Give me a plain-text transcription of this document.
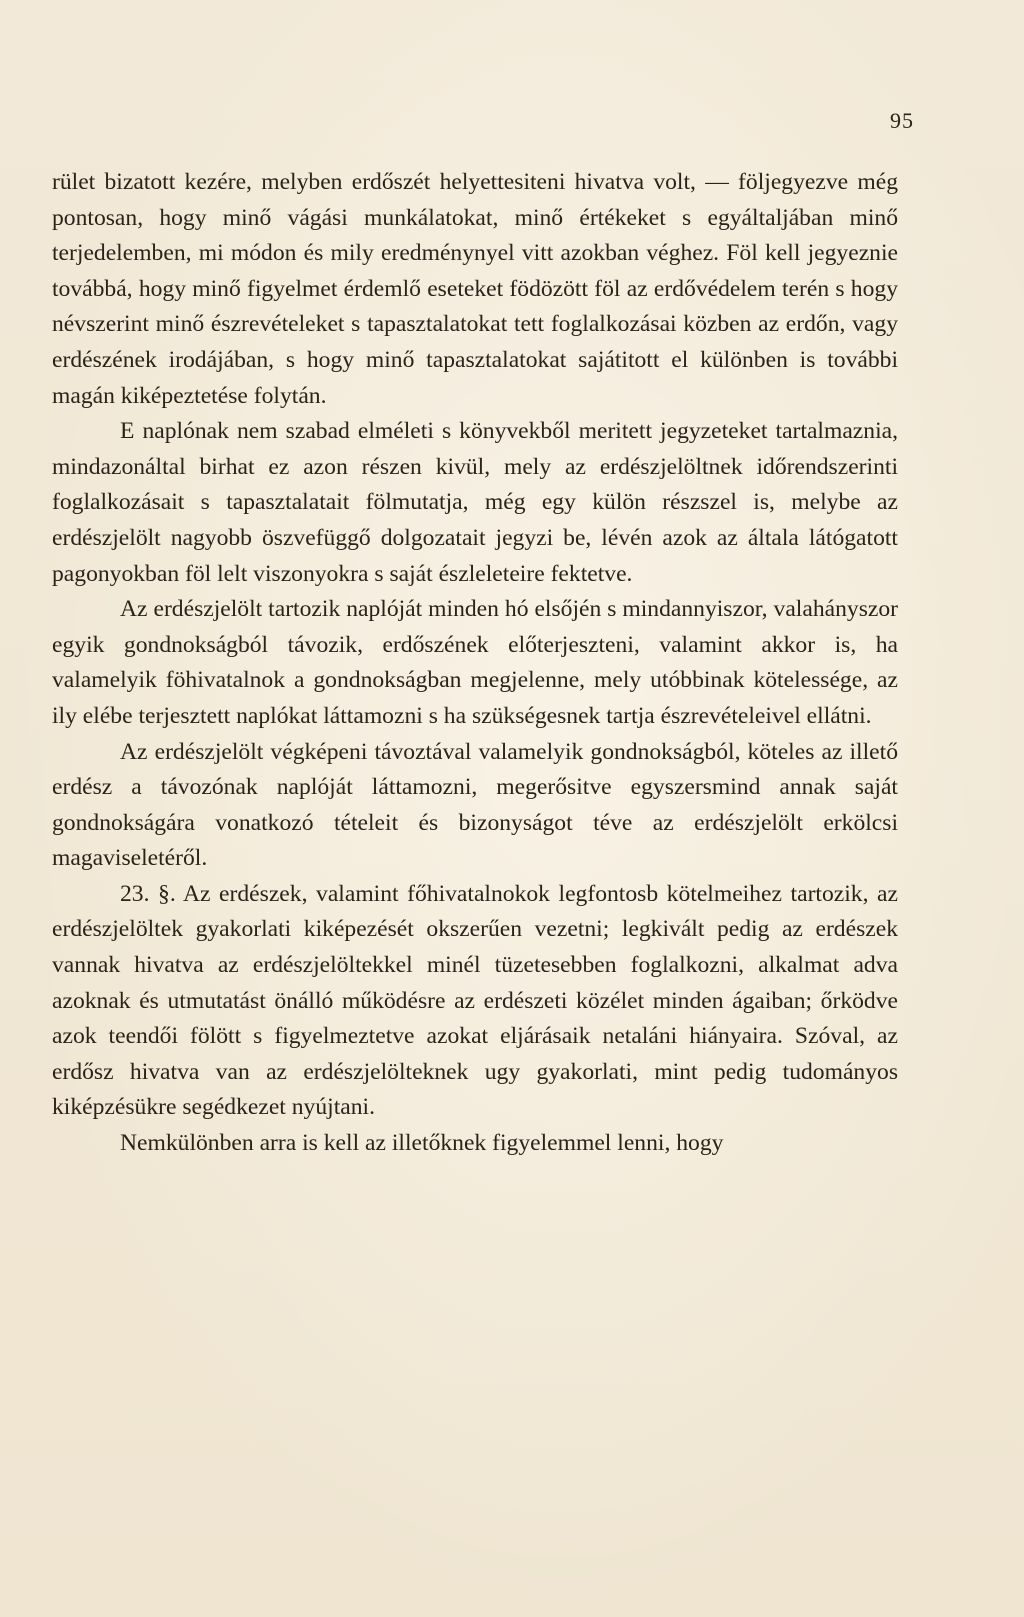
95

rület bizatott kezére, melyben erdőszét helyettesiteni hivatva volt, — följegyezve még pontosan, hogy minő vágási munkálatokat, minő értékeket s egyáltaljában minő terjedelemben, mi módon és mily eredménynyel vitt azokban véghez. Föl kell jegyeznie továbbá, hogy minő figyelmet érdemlő eseteket födözött föl az erdővédelem terén s hogy névszerint minő észrevételeket s tapasztalatokat tett foglalkozásai közben az erdőn, vagy erdészének irodájában, s hogy minő tapasztalatokat sajátitott el különben is további magán kiképeztetése folytán.

E naplónak nem szabad elméleti s könyvekből meritett jegyzeteket tartalmaznia, mindazonáltal birhat ez azon részen kivül, mely az erdészjelöltnek időrendszerinti foglalkozásait s tapasztalatait fölmutatja, még egy külön részszel is, melybe az erdészjelölt nagyobb öszvefüggő dolgozatait jegyzi be, lévén azok az általa látógatott pagonyokban föl lelt viszonyokra s saját észleleteire fektetve.

Az erdészjelölt tartozik naplóját minden hó elsőjén s mindannyiszor, valahányszor egyik gondnokságból távozik, erdőszének előterjeszteni, valamint akkor is, ha valamelyik föhivatalnok a gondnokságban megjelenne, mely utóbbinak kötelessége, az ily elébe terjesztett naplókat láttamozni s ha szükségesnek tartja észrevételeivel ellátni.

Az erdészjelölt végképeni távoztával valamelyik gondnokságból, köteles az illető erdész a távozónak naplóját láttamozni, megerősitve egyszersmind annak saját gondnokságára vonatkozó tételeit és bizonyságot téve az erdészjelölt erkölcsi magaviseletéről.

23. §. Az erdészek, valamint főhivatalnokok legfontosb kötelmeihez tartozik, az erdészjelöltek gyakorlati kiképezését okszerűen vezetni; legkivált pedig az erdészek vannak hivatva az erdészjelöltekkel minél tüzetesebben foglalkozni, alkalmat adva azoknak és utmutatást önálló működésre az erdészeti közélet minden ágaiban; őrködve azok teendői fölött s figyelmeztetve azokat eljárásaik netaláni hiányaira. Szóval, az erdősz hivatva van az erdészjelölteknek ugy gyakorlati, mint pedig tudományos kiképzésükre segédkezet nyújtani.

Nemkülönben arra is kell az illetőknek figyelemmel lenni, hogy
